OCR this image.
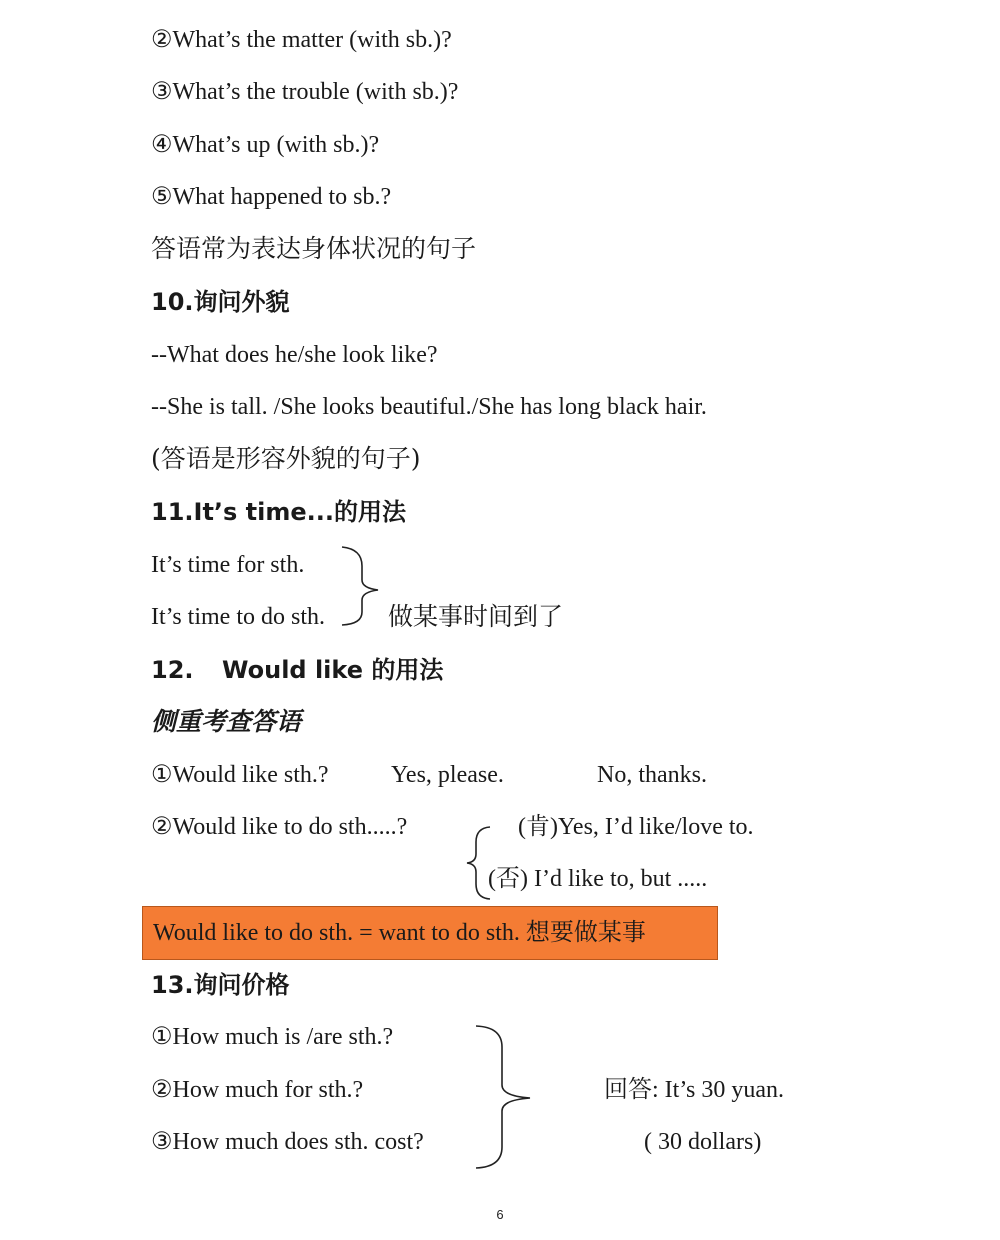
②What’s the matter (with sb.)?
③What’s the trouble (with sb.)?
④What’s up (with sb.)?
⑤What happened to sb.?
答语常为表达身体状况的句子
10.询问外貌
--What does he/she look like?
--She is tall. /She looks beautiful./She has long black hair.
(答语是形容外貌的句子)
11.It’s time...的用法
It’s time for sth.
It’s time to do sth.	做某事时间到了
12. Would like 的用法
侧重考查答语
①Would like sth.?	Yes, please.	No, thanks.
②Would like to do sth.....?	(肯)Yes, I’d like/love to.
(否) I’d like to, but .....
Would like to do sth. = want to do sth. 想要做某事
13.询问价格
①How much is /are sth.?
②How much for sth.?
③How much does sth. cost?
回答: It’s 30 yuan.
( 30 dollars)
6
